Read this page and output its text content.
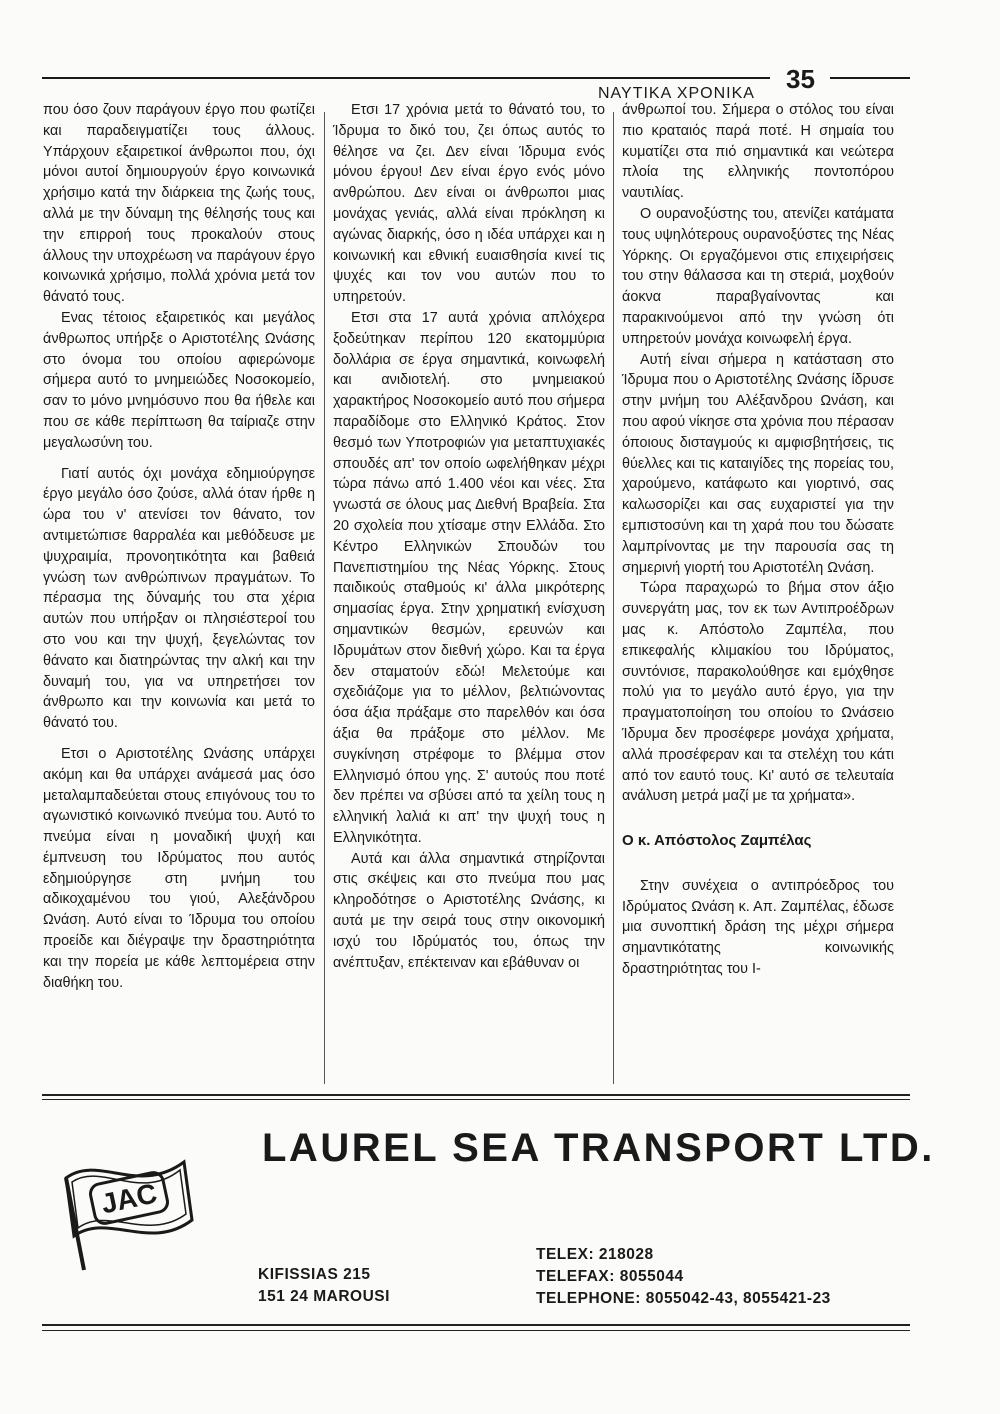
35
ΝΑΥΤΙΚΑ ΧΡΟΝΙΚΑ

που όσο ζουν παράγουν έργο που φωτίζει και παραδειγματίζει τους άλλους. Υπάρχουν εξαιρετικοί άνθρωποι που, όχι μόνοι αυτοί δημιουργούν έργο κοινωνικά χρήσιμο κατά την διάρκεια της ζωής τους, αλλά με την δύναμη της θέλησής τους και την επιρροή τους προκαλούν στους άλλους την υποχρέωση να παράγουν έργο κοινωνικά χρήσιμο, πολλά χρόνια μετά τον θάνατό τους.

Ενας τέτοιος εξαιρετικός και μεγάλος άνθρωπος υπήρξε ο Αριστοτέλης Ωνάσης στο όνομα του οποίου αφιερώνομε σήμερα αυτό το μνημειώδες Νοσοκομείο, σαν το μόνο μνημόσυνο που θα ήθελε και που σε κάθε περίπτωση θα ταίριαζε στην μεγαλωσύνη του.

Γιατί αυτός όχι μονάχα εδημιούργησε έργο μεγάλο όσο ζούσε, αλλά όταν ήρθε η ώρα του ν' ατενίσει τον θάνατο, τον αντιμετώπισε θαρραλέα και μεθόδευσε με ψυχραιμία, προνοητικότητα και βαθειά γνώση των ανθρώπινων πραγμάτων. Το πέρασμα της δύναμής του στα χέρια αυτών που υπήρξαν οι πλησιέστεροί του στο νου και την ψυχή, ξεγελώντας τον θάνατο και διατηρώντας την αλκή και την δυναμή του, για να υπηρετήσει τον άνθρωπο και την κοινωνία και μετά το θάνατό του.

Ετσι ο Αριστοτέλης Ωνάσης υπάρχει ακόμη και θα υπάρχει ανάμεσά μας όσο μεταλαμπαδεύεται στους επιγόνους του το αγωνιστικό κοινωνικό πνεύμα του. Αυτό το πνεύμα είναι η μοναδική ψυχή και έμπνευση του Ιδρύματος που αυτός εδημιούργησε στη μνήμη του αδικοχαμένου του γιού, Αλεξάνδρου Ωνάση. Αυτό είναι το Ίδρυμα του οποίου προείδε και διέγραψε την δραστηριότητα και την πορεία με κάθε λεπτομέρεια στην διαθήκη του.

Ετσι 17 χρόνια μετά το θάνατό του, το Ίδρυμα το δικό του, ζει όπως αυτός το θέλησε να ζει. Δεν είναι Ίδρυμα ενός μόνου έργου! Δεν είναι έργο ενός μόνο ανθρώπου. Δεν είναι οι άνθρωποι μιας μονάχας γενιάς, αλλά είναι πρόκληση κι αγώνας διαρκής, όσο η ιδέα υπάρχει και η κοινωνική και εθνική ευαισθησία κινεί τις ψυχές και τον νου αυτών που το υπηρετούν.

Ετσι στα 17 αυτά χρόνια απλόχερα ξοδεύτηκαν περίπου 120 εκατομμύρια δολλάρια σε έργα σημαντικά, κοινωφελή και ανιδιοτελή. στο μνημειακού χαρακτήρος Νοσοκομείο αυτό που σήμερα παραδίδομε στο Ελληνικό Κράτος. Στον θεσμό των Υποτροφιών για μεταπτυχιακές σπουδές απ' τον οποίο ωφελήθηκαν μέχρι τώρα πάνω από 1.400 νέοι και νέες. Στα γνωστά σε όλους μας Διεθνή Βραβεία. Στα 20 σχολεία που χτίσαμε στην Ελλάδα. Στο Κέντρο Ελληνικών Σπουδών του Πανεπιστημίου της Νέας Υόρκης. Στους παιδικούς σταθμούς κι' άλλα μικρότερης σημασίας έργα. Στην χρηματική ενίσχυση σημαντικών θεσμών, ερευνών και Ιδρυμάτων στον διεθνή χώρο. Και τα έργα δεν σταματούν εδώ! Μελετούμε και σχεδιάζομε για το μέλλον, βελτιώνοντας όσα άξια πράξαμε στο παρελθόν και όσα άξια θα πράξομε στο μέλλον. Με συγκίνηση στρέφομε το βλέμμα στον Ελληνισμό όπου γης. Σ' αυτούς που ποτέ δεν πρέπει να σβύσει από τα χείλη τους η ελληνική λαλιά κι απ' την ψυχή τους η Ελληνικότητα.

Αυτά και άλλα σημαντικά στηρίζονται στις σκέψεις και στο πνεύμα που μας κληροδότησε ο Αριστοτέλης Ωνάσης, κι αυτά με την σειρά τους στην οικονομική ισχύ του Ιδρύματός του, όπως την ανέπτυξαν, επέκτειναν και εβάθυναν οι

άνθρωποί του. Σήμερα ο στόλος του είναι πιο κραταιός παρά ποτέ. Η σημαία του κυματίζει στα πιό σημαντικά και νεώτερα πλοία της ελληνικής ποντοπόρου ναυτιλίας.

Ο ουρανοξύστης του, ατενίζει κατάματα τους υψηλότερους ουρανοξύστες της Νέας Υόρκης. Οι εργαζόμενοι στις επιχειρήσεις του στην θάλασσα και τη στεριά, μοχθούν άοκνα παραβγαίνοντας και παρακινούμενοι από την γνώση ότι υπηρετούν μονάχα κοινωφελή έργα.

Αυτή είναι σήμερα η κατάσταση στο Ίδρυμα που ο Αριστοτέλης Ωνάσης ίδρυσε στην μνήμη του Αλέξανδρου Ωνάση, και που αφού νίκησε στα χρόνια που πέρασαν όποιους δισταγμούς κι αμφισβητήσεις, τις θύελλες και τις καταιγίδες της πορείας του, χαρούμενο, κατάφωτο και γιορτινό, σας καλωσορίζει και σας ευχαριστεί για την εμπιστοσύνη και τη χαρά που του δώσατε λαμπρίνοντας με την παρουσία σας τη σημερινή γιορτή του Αριστοτέλη Ωνάση.

Τώρα παραχωρώ το βήμα στον άξιο συνεργάτη μας, τον εκ των Αντιπροέδρων μας κ. Απόστολο Ζαμπέλα, που επικεφαλής κλιμακίου του Ιδρύματος, συντόνισε, παρακολούθησε και εμόχθησε πολύ για το μεγάλο αυτό έργο, για την πραγματοποίηση του οποίου το Ωνάσειο Ίδρυμα δεν προσέφερε μονάχα χρήματα, αλλά προσέφεραν και τα στελέχη του κάτι από τον εαυτό τους. Κι' αυτό σε τελευταία ανάλυση μετρά μαζί με τα χρήματα».

Ο κ. Απόστολος Ζαμπέλας

Στην συνέχεια ο αντιπρόεδρος του Ιδρύματος Ωνάση κ. Απ. Ζαμπέλας, έδωσε μια συνοπτική δράση της μέχρι σήμερα σημαντικότατης κοινωνικής δραστηριότητας του Ι-

JAC
LAUREL SEA TRANSPORT LTD.
KIFISSIAS 215
151 24 MAROUSI
TELEX: 218028
TELEFAX: 8055044
TELEPHONE: 8055042-43, 8055421-23
